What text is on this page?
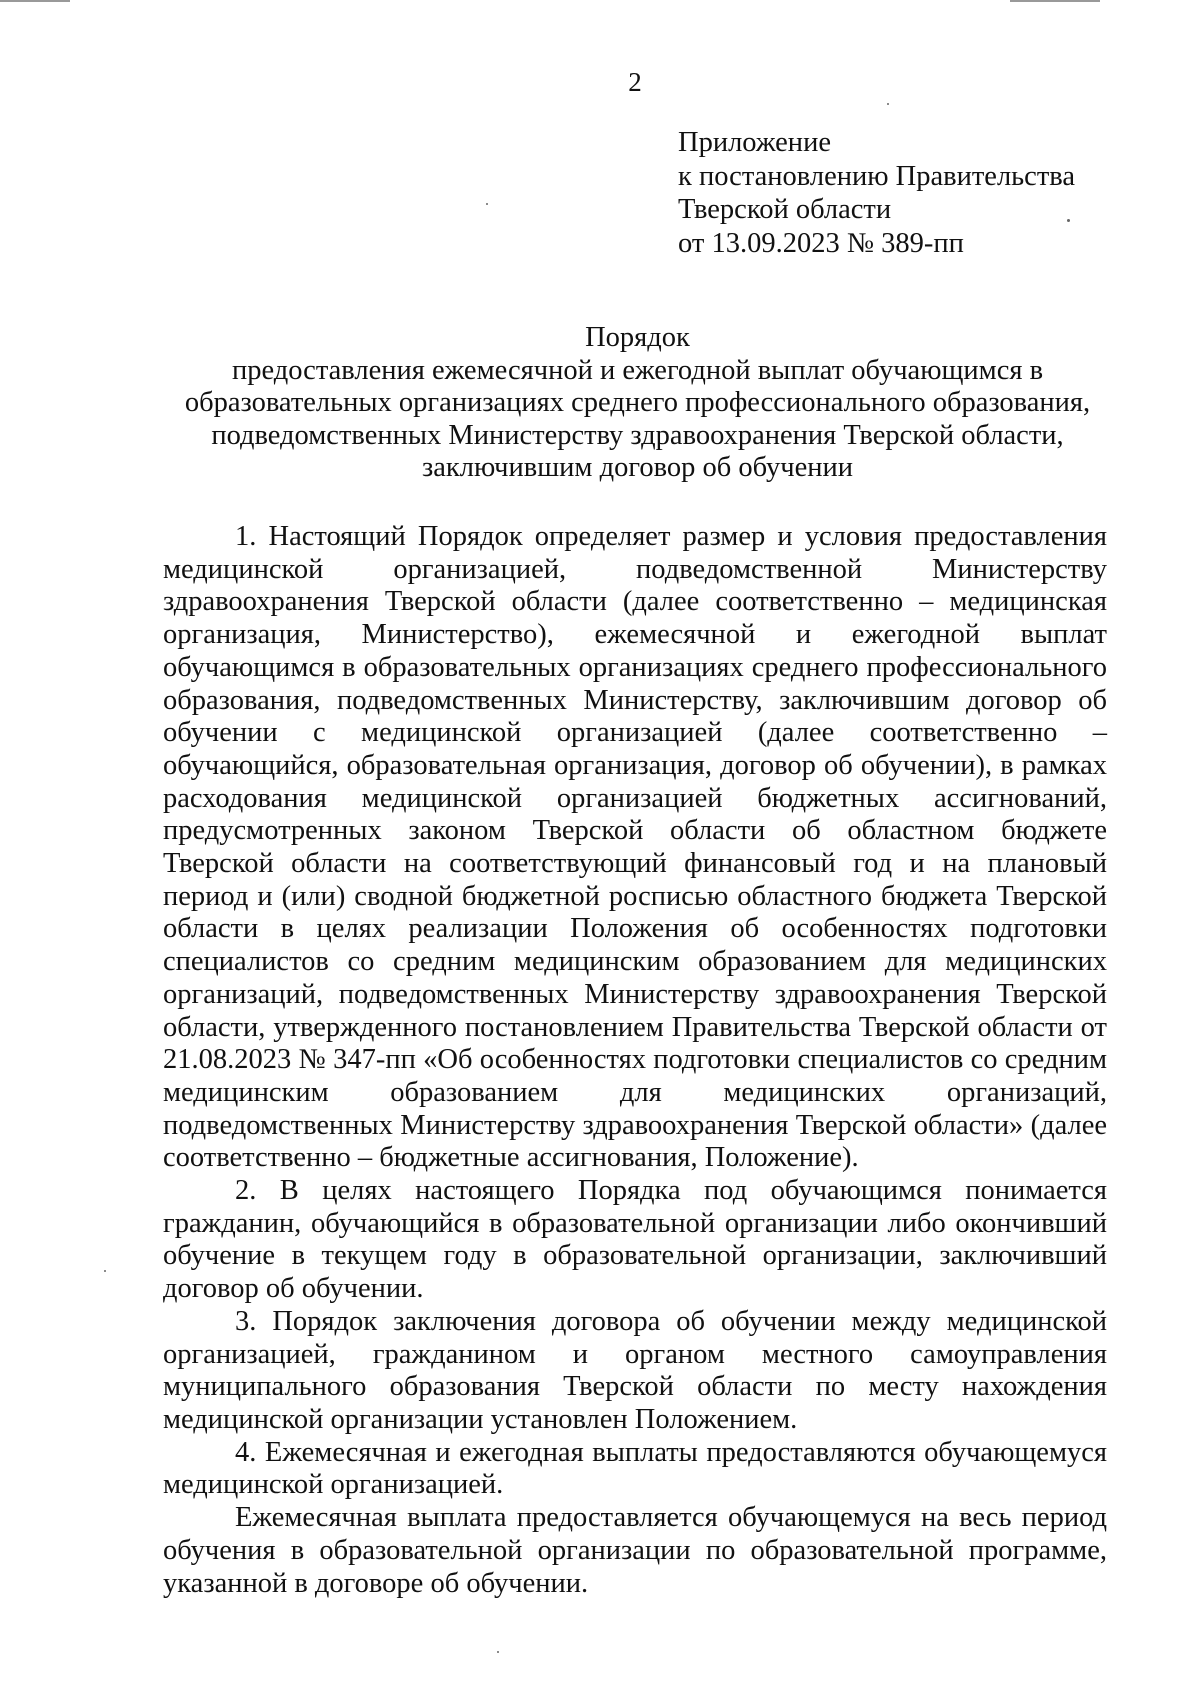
2
Приложение
к постановлению Правительства
Тверской области
от 13.09.2023 № 389-пп
Порядок
предоставления ежемесячной и ежегодной выплат обучающимся в
образовательных организациях среднего профессионального образования,
подведомственных Министерству здравоохранения Тверской области,
заключившим договор об обучении

1. Настоящий Порядок определяет размер и условия предоставления медицинской организацией, подведомственной Министерству здравоохранения Тверской области (далее соответственно – медицинская организация, Министерство), ежемесячной и ежегодной выплат обучающимся в образовательных организациях среднего профессионального образования, подведомственных Министерству, заключившим договор об обучении с медицинской организацией (далее соответственно – обучающийся, образовательная организация, договор об обучении), в рамках расходования медицинской организацией бюджетных ассигнований, предусмотренных законом Тверской области об областном бюджете Тверской области на соответствующий финансовый год и на плановый период и (или) сводной бюджетной росписью областного бюджета Тверской области в целях реализации Положения об особенностях подготовки специалистов со средним медицинским образованием для медицинских организаций, подведомственных Министерству здравоохранения Тверской области, утвержденного постановлением Правительства Тверской области от 21.08.2023 № 347-пп «Об особенностях подготовки специалистов со средним медицинским образованием для медицинских организаций, подведомственных Министерству здравоохранения Тверской области» (далее соответственно – бюджетные ассигнования, Положение).

2. В целях настоящего Порядка под обучающимся понимается гражданин, обучающийся в образовательной организации либо окончивший обучение в текущем году в образовательной организации, заключивший договор об обучении.

3. Порядок заключения договора об обучении между медицинской организацией, гражданином и органом местного самоуправления муниципального образования Тверской области по месту нахождения медицинской организации установлен Положением.

4. Ежемесячная и ежегодная выплаты предоставляются обучающемуся медицинской организацией.

Ежемесячная выплата предоставляется обучающемуся на весь период обучения в образовательной организации по образовательной программе, указанной в договоре об обучении.
